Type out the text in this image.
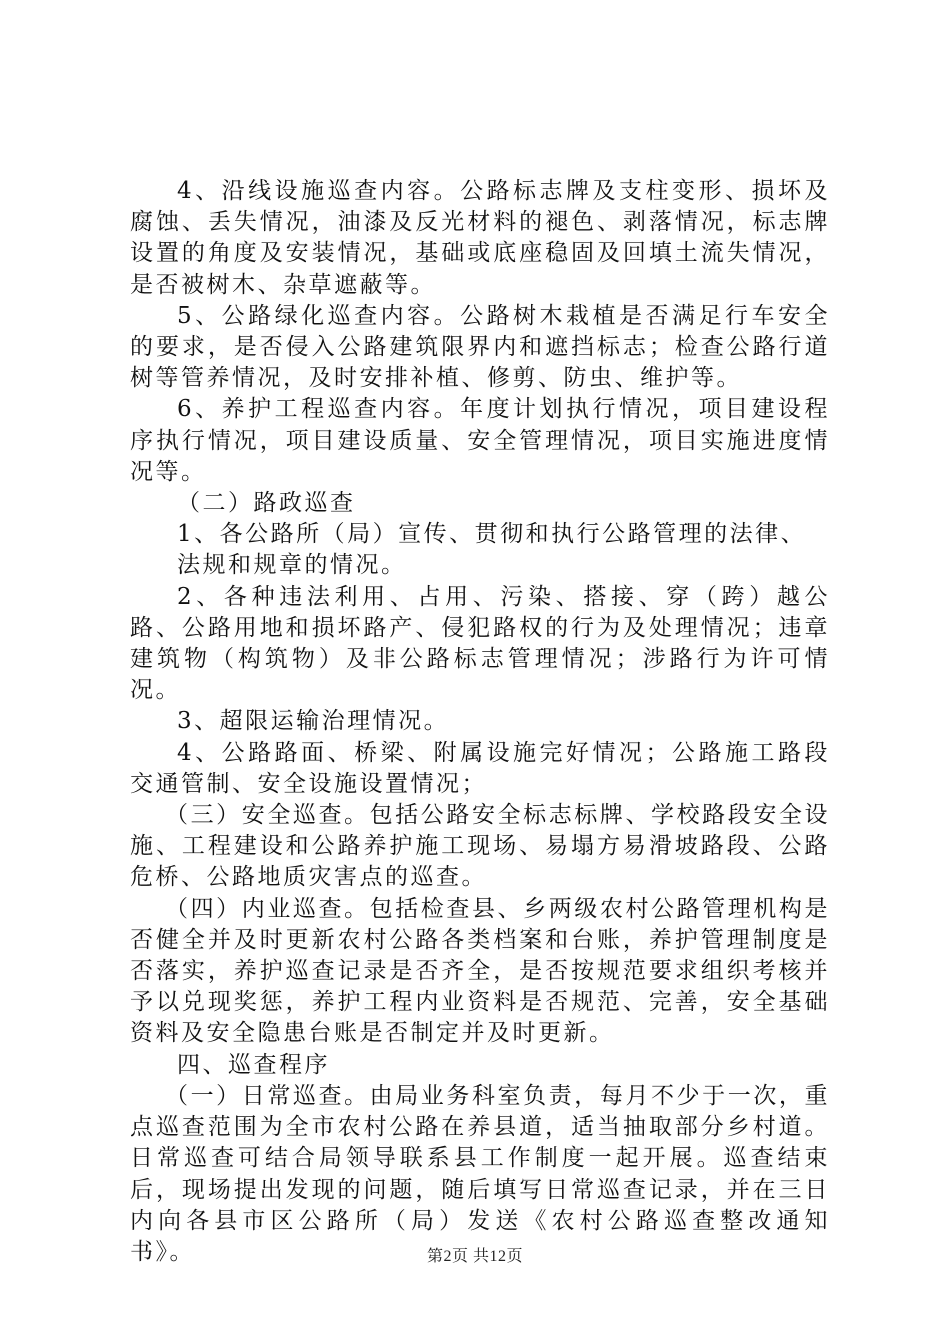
4、沿线设施巡查内容。公路标志牌及支柱变形、损坏及腐蚀、丢失情况，油漆及反光材料的褪色、剥落情况，标志牌设置的角度及安装情况，基础或底座稳固及回填土流失情况，是否被树木、杂草遮蔽等。

5、公路绿化巡查内容。公路树木栽植是否满足行车安全的要求，是否侵入公路建筑限界内和遮挡标志；检查公路行道树等管养情况，及时安排补植、修剪、防虫、维护等。

6、养护工程巡查内容。年度计划执行情况，项目建设程序执行情况，项目建设质量、安全管理情况，项目实施进度情况等。

（二）路政巡查

1、各公路所（局）宣传、贯彻和执行公路管理的法律、

法规和规章的情况。

2、各种违法利用、占用、污染、搭接、穿（跨）越公路、公路用地和损坏路产、侵犯路权的行为及处理情况；违章建筑物（构筑物）及非公路标志管理情况；涉路行为许可情况。

3、超限运输治理情况。

4、公路路面、桥梁、附属设施完好情况；公路施工路段交通管制、安全设施设置情况；

（三）安全巡查。包括公路安全标志标牌、学校路段安全设施、工程建设和公路养护施工现场、易塌方易滑坡路段、公路危桥、公路地质灾害点的巡查。

（四）内业巡查。包括检查县、乡两级农村公路管理机构是否健全并及时更新农村公路各类档案和台账，养护管理制度是否落实，养护巡查记录是否齐全，是否按规范要求组织考核并予以兑现奖惩，养护工程内业资料是否规范、完善，安全基础资料及安全隐患台账是否制定并及时更新。

四、巡查程序

（一）日常巡查。由局业务科室负责，每月不少于一次，重点巡查范围为全市农村公路在养县道，适当抽取部分乡村道。日常巡查可结合局领导联系县工作制度一起开展。巡查结束后，现场提出发现的问题，随后填写日常巡查记录，并在三日内向各县市区公路所（局）发送《农村公路巡查整改通知书》。	第2页 共12页
